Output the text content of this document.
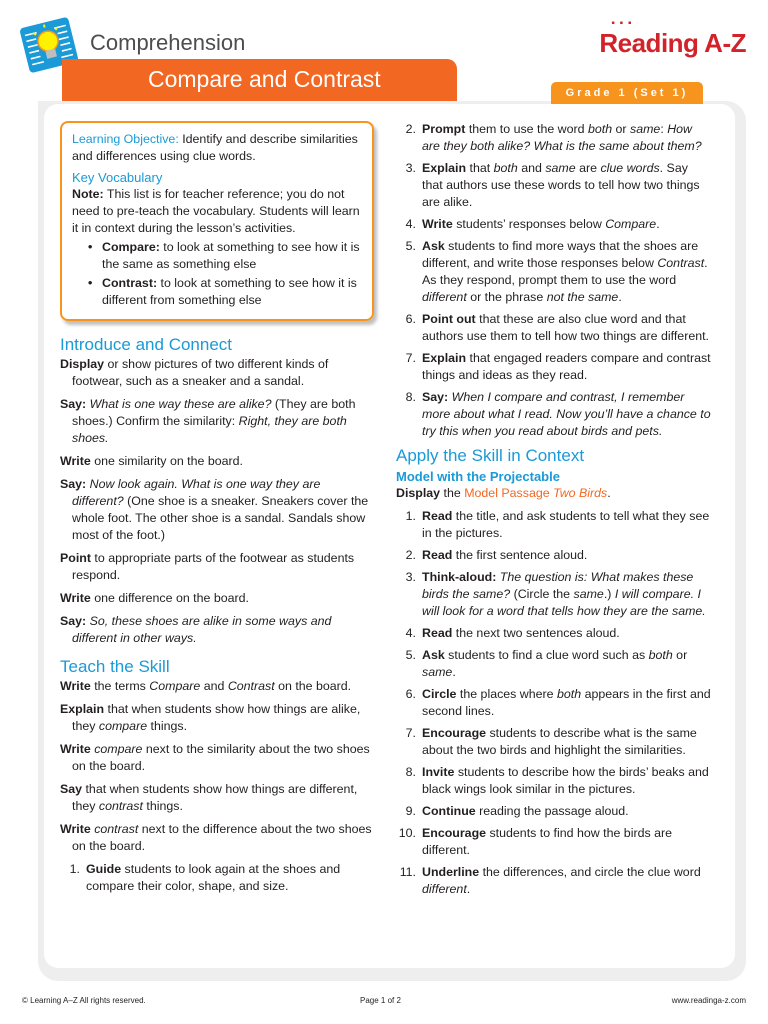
Comprehension
▪ ▪ ▪
Reading A-Z
Compare and Contrast
Grade 1 (Set 1)
Learning Objective: Identify and describe similarities and differences using clue words.
Key Vocabulary
Note: This list is for teacher reference; you do not need to pre-teach the vocabulary. Students will learn it in context during the lesson’s activities.
• Compare: to look at something to see how it is the same as something else
• Contrast: to look at something to see how it is different from something else
Introduce and Connect
Display or show pictures of two different kinds of footwear, such as a sneaker and a sandal.
Say: What is one way these are alike? (They are both shoes.) Confirm the similarity: Right, they are both shoes.
Write one similarity on the board.
Say: Now look again. What is one way they are different? (One shoe is a sneaker. Sneakers cover the whole foot. The other shoe is a sandal. Sandals show most of the foot.)
Point to appropriate parts of the footwear as students respond.
Write one difference on the board.
Say: So, these shoes are alike in some ways and different in other ways.
Teach the Skill
Write the terms Compare and Contrast on the board.
Explain that when students show how things are alike, they compare things.
Write compare next to the similarity about the two shoes on the board.
Say that when students show how things are different, they contrast things.
Write contrast next to the difference about the two shoes on the board.
1. Guide students to look again at the shoes and compare their color, shape, and size.
2. Prompt them to use the word both or same: How are they both alike? What is the same about them?
3. Explain that both and same are clue words. Say that authors use these words to tell how two things are alike.
4. Write students’ responses below Compare.
5. Ask students to find more ways that the shoes are different, and write those responses below Contrast. As they respond, prompt them to use the word different or the phrase not the same.
6. Point out that these are also clue word and that authors use them to tell how two things are different.
7. Explain that engaged readers compare and contrast things and ideas as they read.
8. Say: When I compare and contrast, I remember more about what I read. Now you’ll have a chance to try this when you read about birds and pets.
Apply the Skill in Context
Model with the Projectable
Display the Model Passage Two Birds.
1. Read the title, and ask students to tell what they see in the pictures.
2. Read the first sentence aloud.
3. Think-aloud: The question is: What makes these birds the same? (Circle the same.) I will compare. I will look for a word that tells how they are the same.
4. Read the next two sentences aloud.
5. Ask students to find a clue word such as both or same.
6. Circle the places where both appears in the first and second lines.
7. Encourage students to describe what is the same about the two birds and highlight the similarities.
8. Invite students to describe how the birds’ beaks and black wings look similar in the pictures.
9. Continue reading the passage aloud.
10. Encourage students to find how the birds are different.
11. Underline the differences, and circle the clue word different.
© Learning A–Z All rights reserved.	Page 1 of 2	www.readinga-z.com
